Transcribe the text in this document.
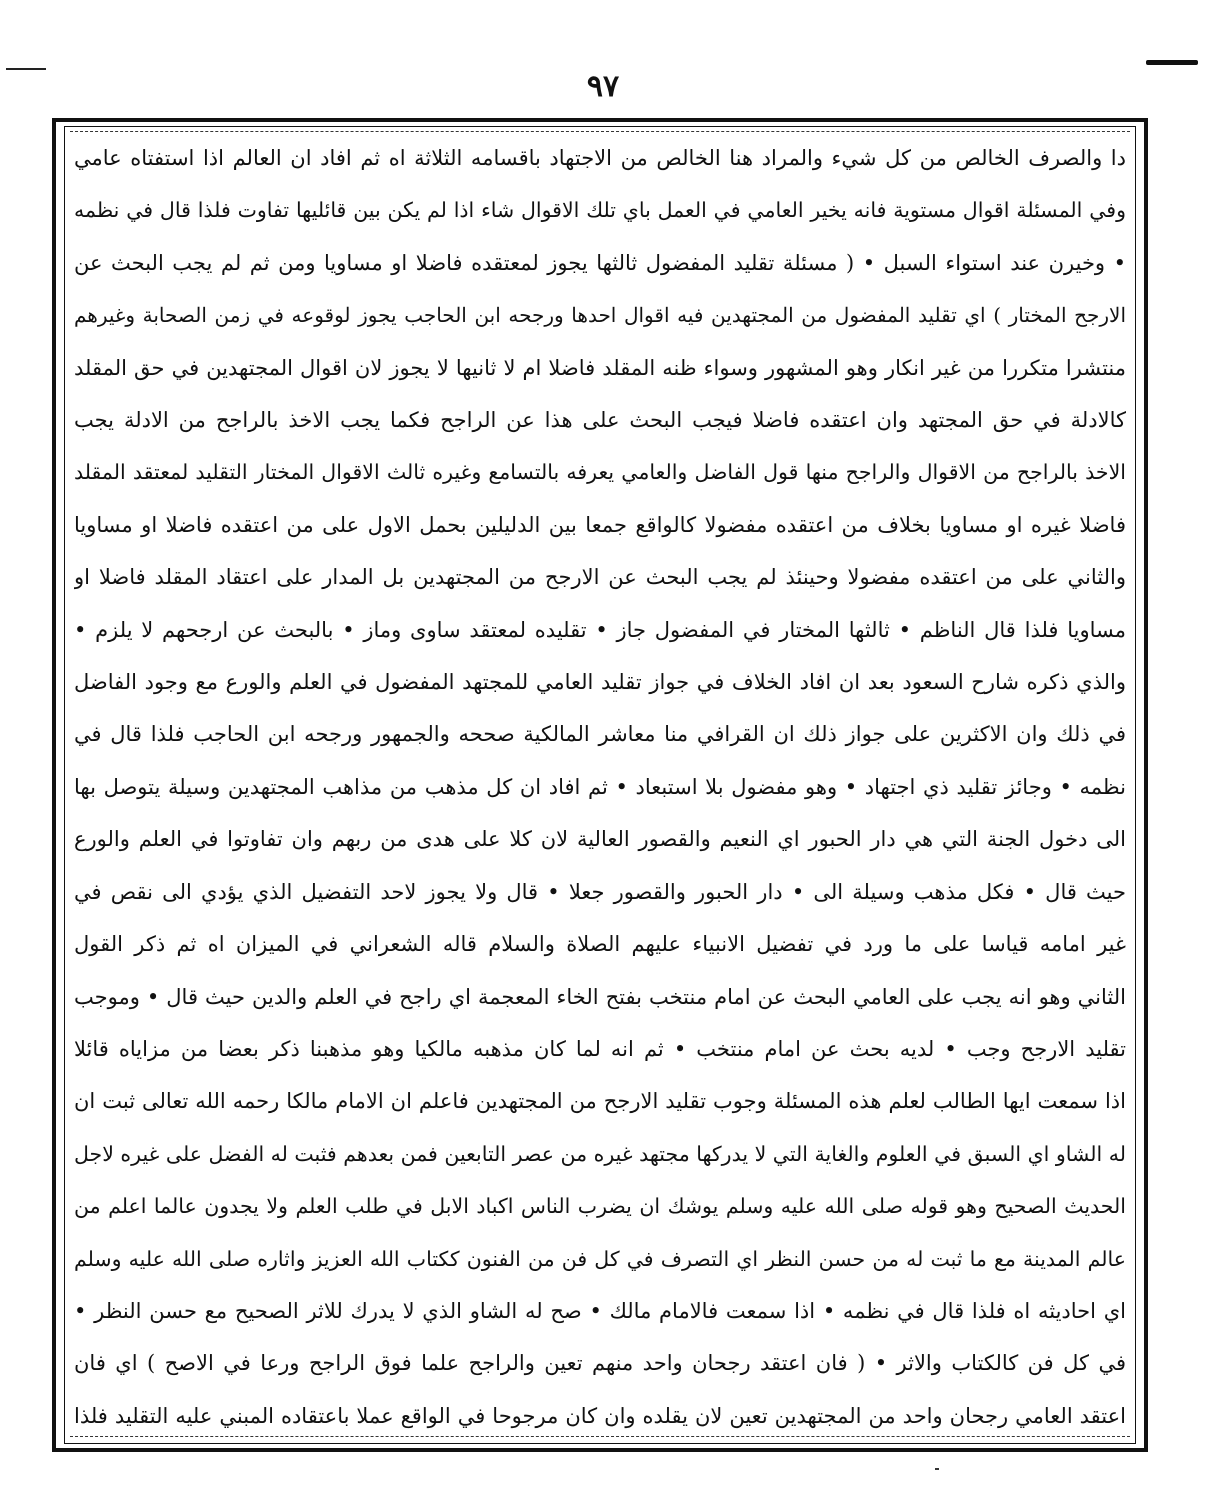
٩٧
دا والصرف الخالص من كل شيء والمراد هنا الخالص من الاجتهاد باقسامه الثلاثة اه ثم افاد ان العالم اذا استفتاه عامي
وفي المسئلة اقوال مستوية فانه يخير العامي في العمل باي تلك الاقوال شاء اذا لم يكن بين قائليها تفاوت فلذا قال في نظمه
• وخيرن عند استواء السبل • ( مسئلة تقليد المفضول ثالثها يجوز لمعتقده فاضلا او مساويا ومن ثم لم يجب البحث عن
الارجح المختار ) اي تقليد المفضول من المجتهدين فيه اقوال احدها ورجحه ابن الحاجب يجوز لوقوعه في زمن الصحابة وغيرهم
منتشرا متكررا من غير انكار وهو المشهور وسواء ظنه المقلد فاضلا ام لا ثانيها لا يجوز لان اقوال المجتهدين في حق المقلد
كالادلة في حق المجتهد وان اعتقده فاضلا فيجب البحث على هذا عن الراجح فكما يجب الاخذ بالراجح من الادلة يجب
الاخذ بالراجح من الاقوال والراجح منها قول الفاضل والعامي يعرفه بالتسامع وغيره ثالث الاقوال المختار التقليد لمعتقد المقلد
فاضلا غيره او مساويا بخلاف من اعتقده مفضولا كالواقع جمعا بين الدليلين بحمل الاول على من اعتقده فاضلا او مساويا
والثاني على من اعتقده مفضولا وحينئذ لم يجب البحث عن الارجح من المجتهدين بل المدار على اعتقاد المقلد فاضلا او
مساويا فلذا قال الناظم • ثالثها المختار في المفضول جاز • تقليده لمعتقد ساوى وماز • بالبحث عن ارجحهم لا يلزم •
والذي ذكره شارح السعود بعد ان افاد الخلاف في جواز تقليد العامي للمجتهد المفضول في العلم والورع مع وجود الفاضل
في ذلك وان الاكثرين على جواز ذلك ان القرافي منا معاشر المالكية صححه والجمهور ورجحه ابن الحاجب فلذا قال في
نظمه • وجائز تقليد ذي اجتهاد • وهو مفضول بلا استبعاد • ثم افاد ان كل مذهب من مذاهب المجتهدين وسيلة يتوصل بها
الى دخول الجنة التي هي دار الحبور اي النعيم والقصور العالية لان كلا على هدى من ربهم وان تفاوتوا في العلم والورع
حيث قال • فكل مذهب وسيلة الى • دار الحبور والقصور جعلا • قال ولا يجوز لاحد التفضيل الذي يؤدي الى نقص في
غير امامه قياسا على ما ورد في تفضيل الانبياء عليهم الصلاة والسلام قاله الشعراني في الميزان اه ثم ذكر القول
الثاني وهو انه يجب على العامي البحث عن امام منتخب بفتح الخاء المعجمة اي راجح في العلم والدين حيث قال • وموجب
تقليد الارجح وجب • لديه بحث عن امام منتخب • ثم انه لما كان مذهبه مالكيا وهو مذهبنا ذكر بعضا من مزاياه قائلا
اذا سمعت ايها الطالب لعلم هذه المسئلة وجوب تقليد الارجح من المجتهدين فاعلم ان الامام مالكا رحمه الله تعالى ثبت ان
له الشاو اي السبق في العلوم والغاية التي لا يدركها مجتهد غيره من عصر التابعين فمن بعدهم فثبت له الفضل على غيره لاجل
الحديث الصحيح وهو قوله صلى الله عليه وسلم يوشك ان يضرب الناس اكباد الابل في طلب العلم ولا يجدون عالما اعلم من
عالم المدينة مع ما ثبت له من حسن النظر اي التصرف في كل فن من الفنون ككتاب الله العزيز واثاره صلى الله عليه وسلم
اي احاديثه اه فلذا قال في نظمه • اذا سمعت فالامام مالك • صح له الشاو الذي لا يدرك للاثر الصحيح مع حسن النظر •
في كل فن كالكتاب والاثر • ( فان اعتقد رجحان واحد منهم تعين والراجح علما فوق الراجح ورعا في الاصح ) اي فان
اعتقد العامي رجحان واحد من المجتهدين تعين لان يقلده وان كان مرجوحا في الواقع عملا باعتقاده المبني عليه التقليد فلذا
